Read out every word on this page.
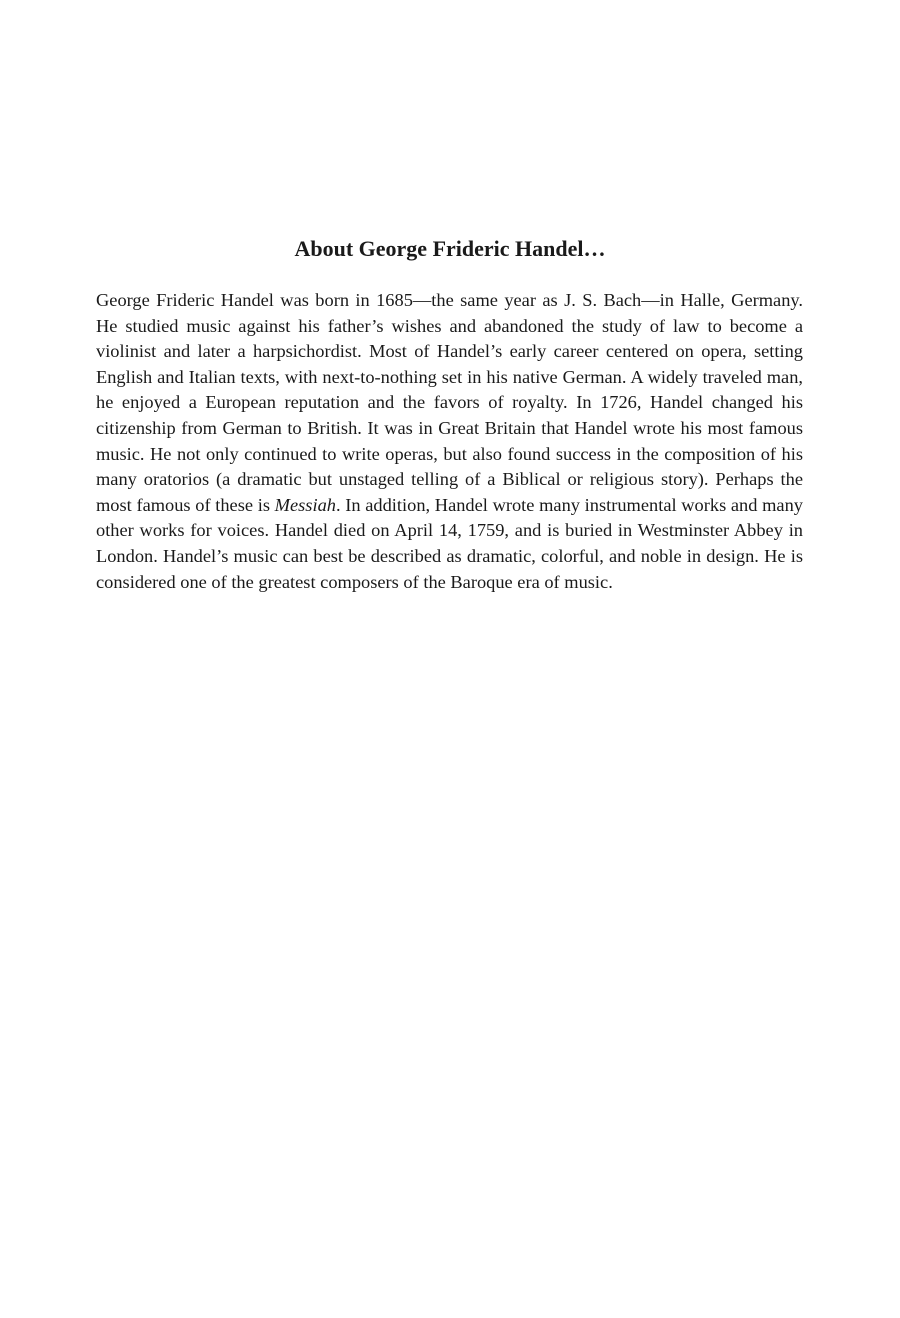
About George Frideric Handel…

George Frideric Handel was born in 1685—the same year as J. S. Bach—in Halle, Germany. He studied music against his father’s wishes and abandoned the study of law to become a violinist and later a harpsichordist. Most of Handel’s early career centered on opera, setting English and Italian texts, with next-to-nothing set in his native German. A widely traveled man, he enjoyed a European reputation and the favors of royalty. In 1726, Handel changed his citizenship from German to British. It was in Great Britain that Handel wrote his most famous music. He not only continued to write operas, but also found success in the composition of his many oratorios (a dramatic but unstaged telling of a Biblical or religious story). Perhaps the most famous of these is Messiah. In addition, Handel wrote many instrumental works and many other works for voices. Handel died on April 14, 1759, and is buried in Westminster Abbey in London. Handel’s music can best be described as dramatic, colorful, and noble in design. He is considered one of the greatest composers of the Baroque era of music.
